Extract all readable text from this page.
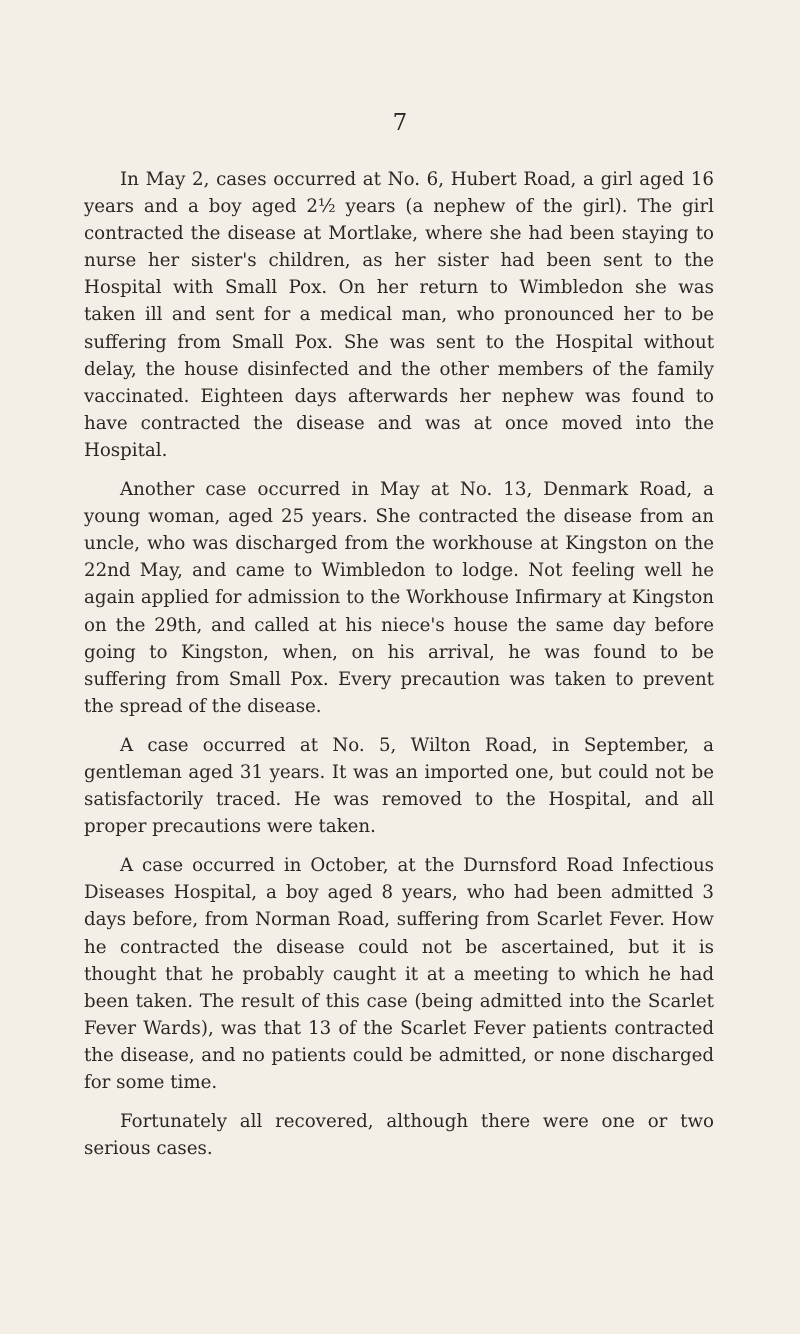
7

In May 2, cases occurred at No. 6, Hubert Road, a girl aged 16 years and a boy aged 2½ years (a nephew of the girl). The girl contracted the disease at Mortlake, where she had been staying to nurse her sister's children, as her sister had been sent to the Hospital with Small Pox. On her return to Wimbledon she was taken ill and sent for a medical man, who pronounced her to be suffering from Small Pox. She was sent to the Hospital without delay, the house disinfected and the other members of the family vaccinated. Eighteen days afterwards her nephew was found to have contracted the disease and was at once moved into the Hospital.

Another case occurred in May at No. 13, Denmark Road, a young woman, aged 25 years. She contracted the disease from an uncle, who was discharged from the workhouse at Kingston on the 22nd May, and came to Wimbledon to lodge. Not feeling well he again applied for admission to the Workhouse Infirmary at Kingston on the 29th, and called at his niece's house the same day before going to Kingston, when, on his arrival, he was found to be suffering from Small Pox. Every precaution was taken to prevent the spread of the disease.

A case occurred at No. 5, Wilton Road, in September, a gentleman aged 31 years. It was an imported one, but could not be satisfactorily traced. He was removed to the Hospital, and all proper precautions were taken.

A case occurred in October, at the Durnsford Road Infectious Diseases Hospital, a boy aged 8 years, who had been admitted 3 days before, from Norman Road, suffering from Scarlet Fever. How he contracted the disease could not be ascertained, but it is thought that he probably caught it at a meeting to which he had been taken. The result of this case (being admitted into the Scarlet Fever Wards), was that 13 of the Scarlet Fever patients contracted the disease, and no patients could be admitted, or none discharged for some time.

Fortunately all recovered, although there were one or two serious cases.
